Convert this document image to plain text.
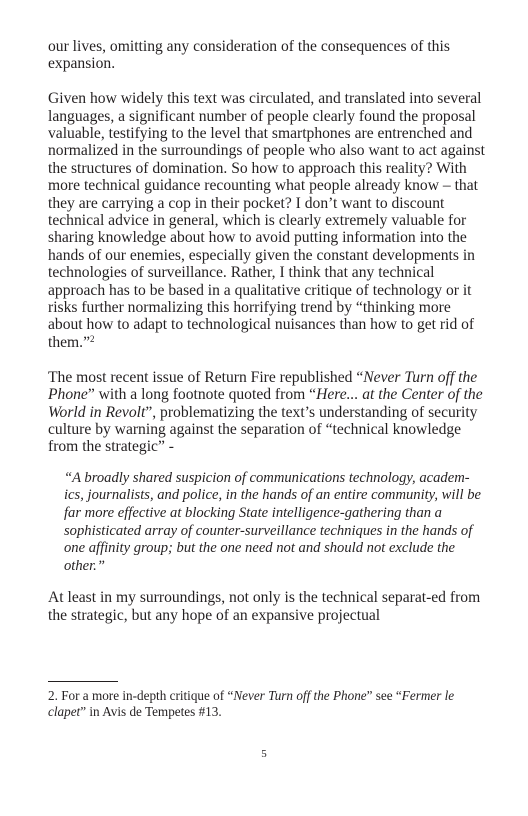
our lives, omitting any consideration of the consequences of this expansion.

Given how widely this text was circulated, and translated into several languages, a significant number of people clearly found the proposal valuable, testifying to the level that smartphones are entrenched and normalized in the surroundings of people who also want to act against the structures of domination. So how to approach this reality? With more technical guidance recounting what people already know – that they are carrying a cop in their pocket? I don’t want to discount technical advice in general, which is clearly extremely valuable for sharing knowledge about how to avoid putting information into the hands of our enemies, especially given the constant developments in technologies of surveillance. Rather, I think that any technical approach has to be based in a qualitative critique of technology or it risks further normalizing this horrifying trend by “thinking more about how to adapt to technological nuisances than how to get rid of them.”$^2$

The most recent issue of Return Fire republished “Never Turn off the Phone” with a long footnote quoted from “Here... at the Center of the World in Revolt”, problematizing the text’s understanding of security culture by warning against the separation of “technical knowledge from the strategic” -

“A broadly shared suspicion of communications technology, academ-ics, journalists, and police, in the hands of an entire community, will be far more effective at blocking State intelligence-gathering than a sophisticated array of counter-surveillance techniques in the hands of one affinity group; but the one need not and should not exclude the other.”

At least in my surroundings, not only is the technical separat-ed from the strategic, but any hope of an expansive projectual

2. For a more in-depth critique of “Never Turn off the Phone” see “Fermer le clapet” in Avis de Tempetes #13.
5
